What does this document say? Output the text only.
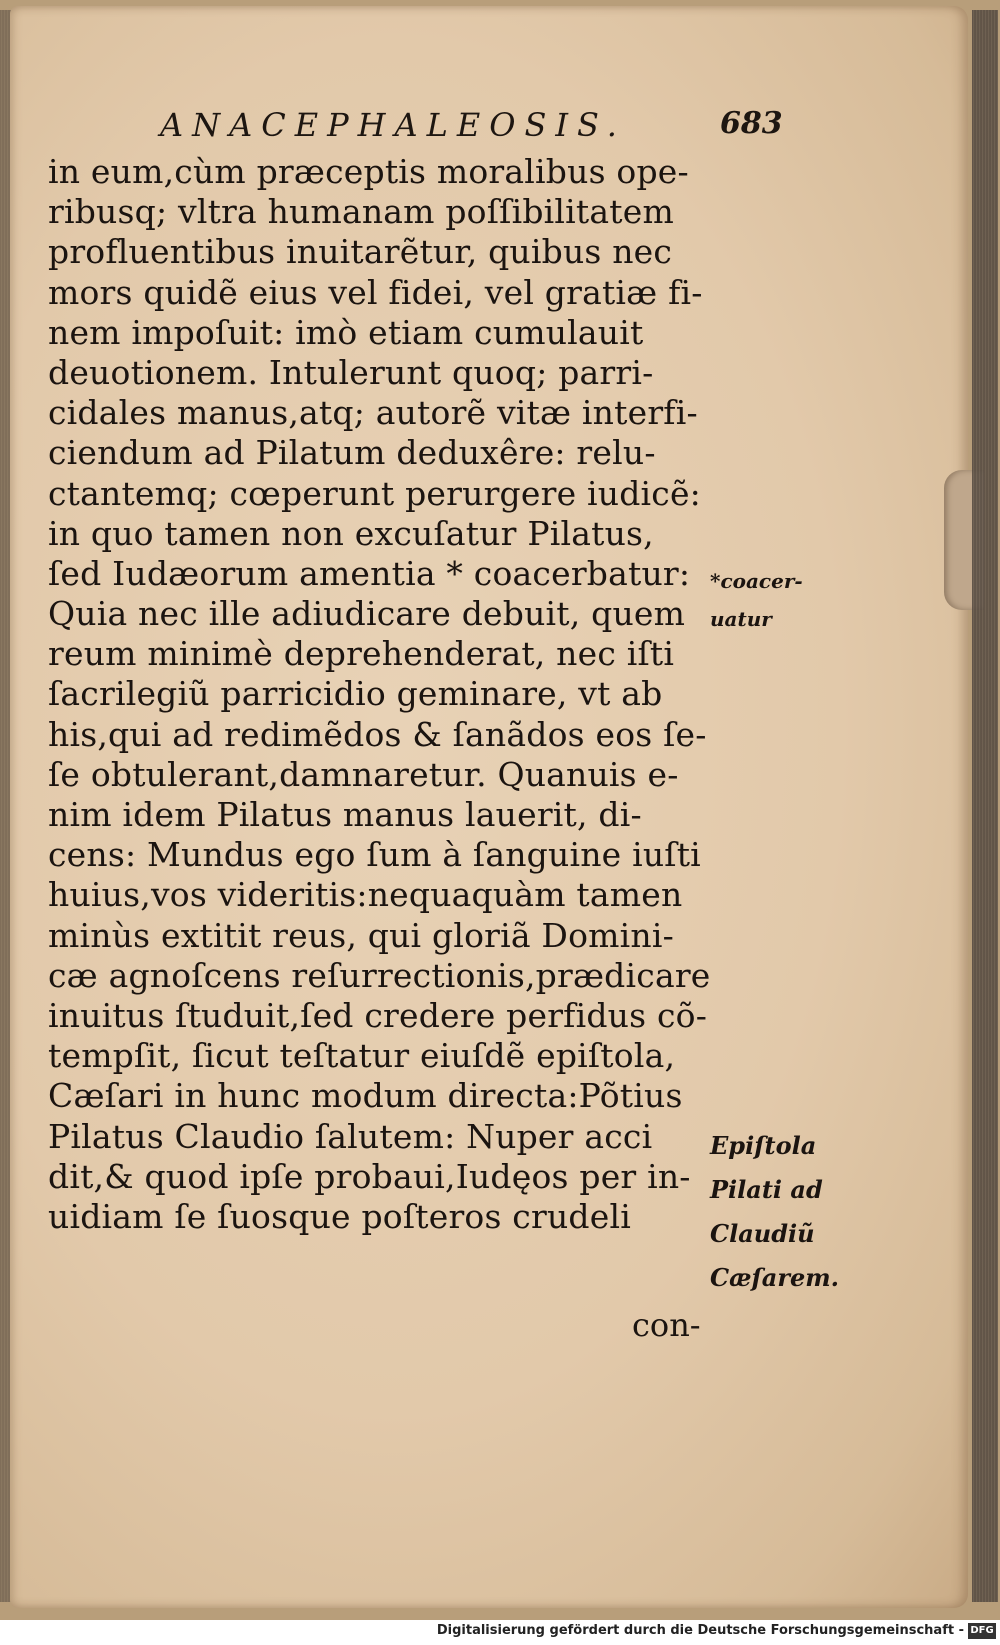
ANACEPHALEOSIS.	683
in eum,cùm præceptis moralibus ope-
ribusq; vltra humanam poſſibilitatem
profluentibus inuitarẽtur, quibus nec
mors quidẽ eius vel fidei, vel gratiæ fi-
nem impoſuit: imò etiam cumulauit
deuotionem. Intulerunt quoq; parri-
cidales manus,atq; autorẽ vitæ interfi-
ciendum ad Pilatum deduxêre: relu-
ctantemq; cœperunt perurgere iudicẽ:
in quo tamen non excuſatur Pilatus,
ſed Iudæorum amentia * coacerbatur:
Quia nec ille adiudicare debuit, quem
reum minimè deprehenderat, nec iſti
ſacrilegiũ parricidio geminare, vt ab
his,qui ad redimẽdos & ſanãdos eos ſe-
ſe obtulerant,damnaretur. Quanuis e-
nim idem Pilatus manus lauerit, di-
cens: Mundus ego ſum à ſanguine iuſti
huius,vos videritis:nequaquàm tamen
minùs extitit reus, qui gloriã Domini-
cæ agnoſcens reſurrectionis,prædicare
inuitus ſtuduit,ſed credere perfidus cõ-
tempſit, ſicut teſtatur eiuſdẽ epiſtola,
Cæſari in hunc modum directa:Põtius
Pilatus Claudio ſalutem: Nuper acci
dit,& quod ipſe probaui,Iudęos per in-
uidiam ſe ſuosque poſteros crudeli
con-
*coacer-
uatur
Epiſtola
Pilati ad
Claudiũ
Cæſarem.
Digitalisierung gefördert durch die Deutsche Forschungsgemeinschaft - DFG
